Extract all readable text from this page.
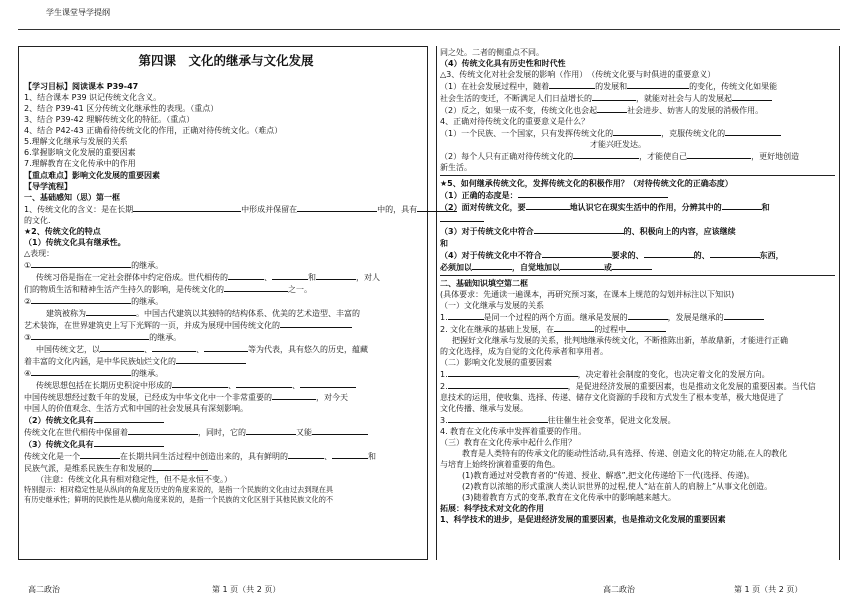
学生课堂导学提纲
第四课　文化的继承与文化发展

【学习目标】阅读课本 P39-47

1、结合课本 P39 识记传统文化含义。

2、结合 P39-41 区分传统文化继承性的表现。（重点）

3、结合 P39-42 理解传统文化的特征。（重点）

4、结合 P42-43 正确看待传统文化的作用，正确对待传统文化。（难点）

5.理解文化继承与发展的关系

6.掌握影响文化发展的重要因素

7.理解教育在文化传承中的作用

【重点难点】影响文化发展的重要因素

【导学流程】

一、基础感知（思）第一框

1、传统文化的含义：是在长期	中形成并保留在	中的，具有

的文化.

★2、传统文化的特点

（1）传统文化具有继承性。

△表现：

①	的继承。

传统习俗是指在一定社会群体中约定俗成。世代相传的	、	和	，对人

们的物质生活和精神生活产生持久的影响，是传统文化的	之一。

②	的继承。

建筑被称为	。中国古代建筑以其独特的结构体系、优美的艺术造型、丰富的

艺术装饰，在世界建筑史上写下光辉的一页，并成为展现中国传统文化的

③	的继承。

中国传统文艺，以	、	、	等为代表，具有悠久的历史，蕴藏

着丰富的文化内涵，是中华民族灿烂文化的

④	的继承。

传统思想包括在长期历史积淀中形成的	、	、

中国传统思想经过数千年的发展，已经成为中华文化中一个非常重要的	，对今天

中国人的价值观念、生活方式和中国的社会发展具有深刻影响。

（2）传统文化具有

传统文化在世代相传中保留着	，同时，它的	又能

（3）传统文化具有

传统文化是一个	在长期共同生活过程中创造出来的，具有鲜明的	、	和

民族气派，是维系民族生存和发展的

（注意：传统文化具有相对稳定性，但不是永恒不变。）

特别提示：相对稳定性是从纵向的角度及历史的角度来说的，是指一个民族的文化由过去到现在具

有历史继承性；鲜明的民族性是从横向角度来说的，是指一个民族的文化区别于其他民族文化的不

同之处。二者的侧重点不同。

（4）传统文化具有历史性和时代性

△3、传统文化对社会发展的影响（作用）　（传统文化要与时俱进的重要意义）

（1）在社会发展过程中，随着	的发展和	的变化，传统文化如果能

社会生活的变迁，不断满足人们日益增长的	，就能对社会与人的发展起

（2）反之，如果一成不变，传统文化也会起	社会进步、妨害人的发展的消极作用。

4、正确对待传统文化的重要意义是什么？

（1）一个民族、一个国家，只有发挥传统文化的	，克服传统文化的

才能兴旺发达。

（2）每个人只有正确对待传统文化的	，才能使自己	，更好地创造

新生活。

★5、如何继承传统文化，发挥传统文化的积极作用？（对待传统文化的正确态度）

（1）正确的态度是：

（2）面对传统文化，要	地认识它在现实生活中的作用，分辨其中的	和

（3）对于传统文化中符合	的、积极向上的内容，应该继续

和

（4）对于传统文化中不符合	要求的、	的、	东西，

必须加以	，自觉地加以	或

二、基础知识填空第二框

(具体要求：先通读一遍课本，再研究预习案，在课本上规范的勾划并标注以下知识)

（一）文化继承与发展的关系

1.	是同一个过程的两个方面。继承是发展的	，发展是继承的

2. 文化在继承的基础上发展，在	的过程中

把握好文化继承与发展的关系，批判地继承传统文化，不断推陈出新，革故鼎新，才能进行正确

的文化选择，成为自觉的文化传承者和享用者。

（二）影响文化发展的重要因素

1.	，决定着社会制度的变化，也决定着文化的发展方向。

2.	，是促进经济发展的重要因素，也是推动文化发展的重要因素。当代信

息技术的运用，使收集、选择、传递、储存文化资源的手段和方式发生了根本变革，极大地促进了

文化传播、继承与发展。

3.	往往催生社会变革，促进文化发展。

4. 教育在文化传承中发挥着重要的作用。

（三）教育在文化传承中起什么作用？

教育是人类特有的传承文化的能动性活动,具有选择、传递、创造文化的特定功能,在人的教化

与培育上始终扮演着重要的角色。

(1)教育通过对受教育者的“传道、授业、解惑”,把文化传递给下一代(选择、传递)。

(2)教育以浓缩的形式重演人类认识世界的过程,使人“站在前人的肩膀上”从事文化创造。

(3)随着教育方式的变革,教育在文化传承中的影响越来越大。

拓展：科学技术对文化的作用

1、科学技术的进步，是促进经济发展的重要因素，也是推动文化发展的重要因素

高二政治	第 1 页（共 2 页）	高二政治	第 1 页（共 2 页）
